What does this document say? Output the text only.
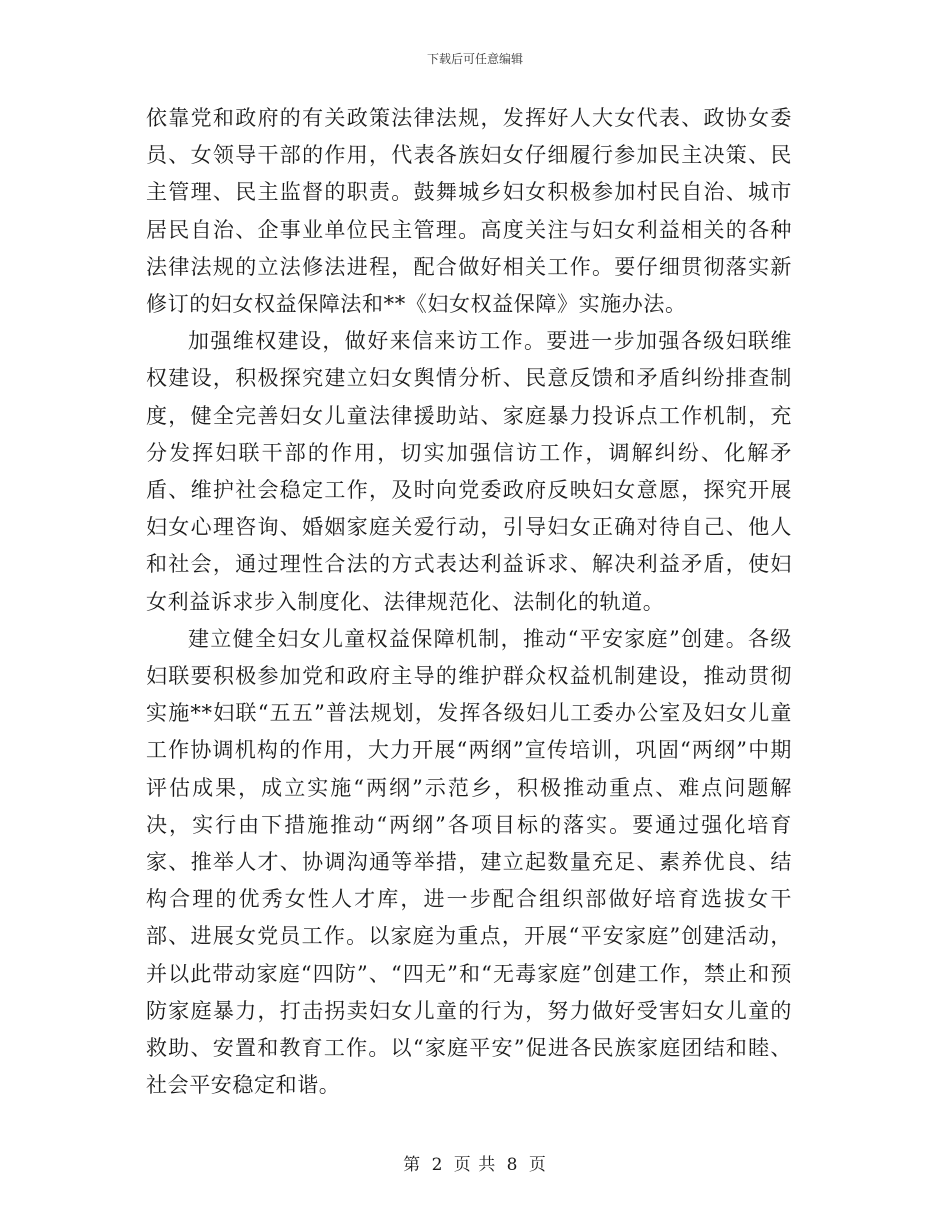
下载后可任意编辑

依靠党和政府的有关政策法律法规，发挥好人大女代表、政协女委员、女领导干部的作用，代表各族妇女仔细履行参加民主决策、民主管理、民主监督的职责。鼓舞城乡妇女积极参加村民自治、城市居民自治、企事业单位民主管理。高度关注与妇女利益相关的各种法律法规的立法修法进程，配合做好相关工作。要仔细贯彻落实新修订的妇女权益保障法和**《妇女权益保障》实施办法。

加强维权建设，做好来信来访工作。要进一步加强各级妇联维权建设，积极探究建立妇女舆情分析、民意反馈和矛盾纠纷排查制度，健全完善妇女儿童法律援助站、家庭暴力投诉点工作机制，充分发挥妇联干部的作用，切实加强信访工作，调解纠纷、化解矛盾、维护社会稳定工作，及时向党委政府反映妇女意愿，探究开展妇女心理咨询、婚姻家庭关爱行动，引导妇女正确对待自己、他人和社会，通过理性合法的方式表达利益诉求、解决利益矛盾，使妇女利益诉求步入制度化、法律规范化、法制化的轨道。

建立健全妇女儿童权益保障机制，推动“平安家庭”创建。各级妇联要积极参加党和政府主导的维护群众权益机制建设，推动贯彻实施**妇联“五五”普法规划，发挥各级妇儿工委办公室及妇女儿童工作协调机构的作用，大力开展“两纲”宣传培训，巩固“两纲”中期评估成果，成立实施“两纲”示范乡，积极推动重点、难点问题解决，实行由下措施推动“两纲”各项目标的落实。要通过强化培育家、推举人才、协调沟通等举措，建立起数量充足、素养优良、结构合理的优秀女性人才库，进一步配合组织部做好培育选拔女干部、进展女党员工作。以家庭为重点，开展“平安家庭”创建活动，并以此带动家庭“四防”、“四无”和“无毒家庭”创建工作，禁止和预防家庭暴力，打击拐卖妇女儿童的行为，努力做好受害妇女儿童的救助、安置和教育工作。以“家庭平安”促进各民族家庭团结和睦、社会平安稳定和谐。

第 2 页 共 8 页
